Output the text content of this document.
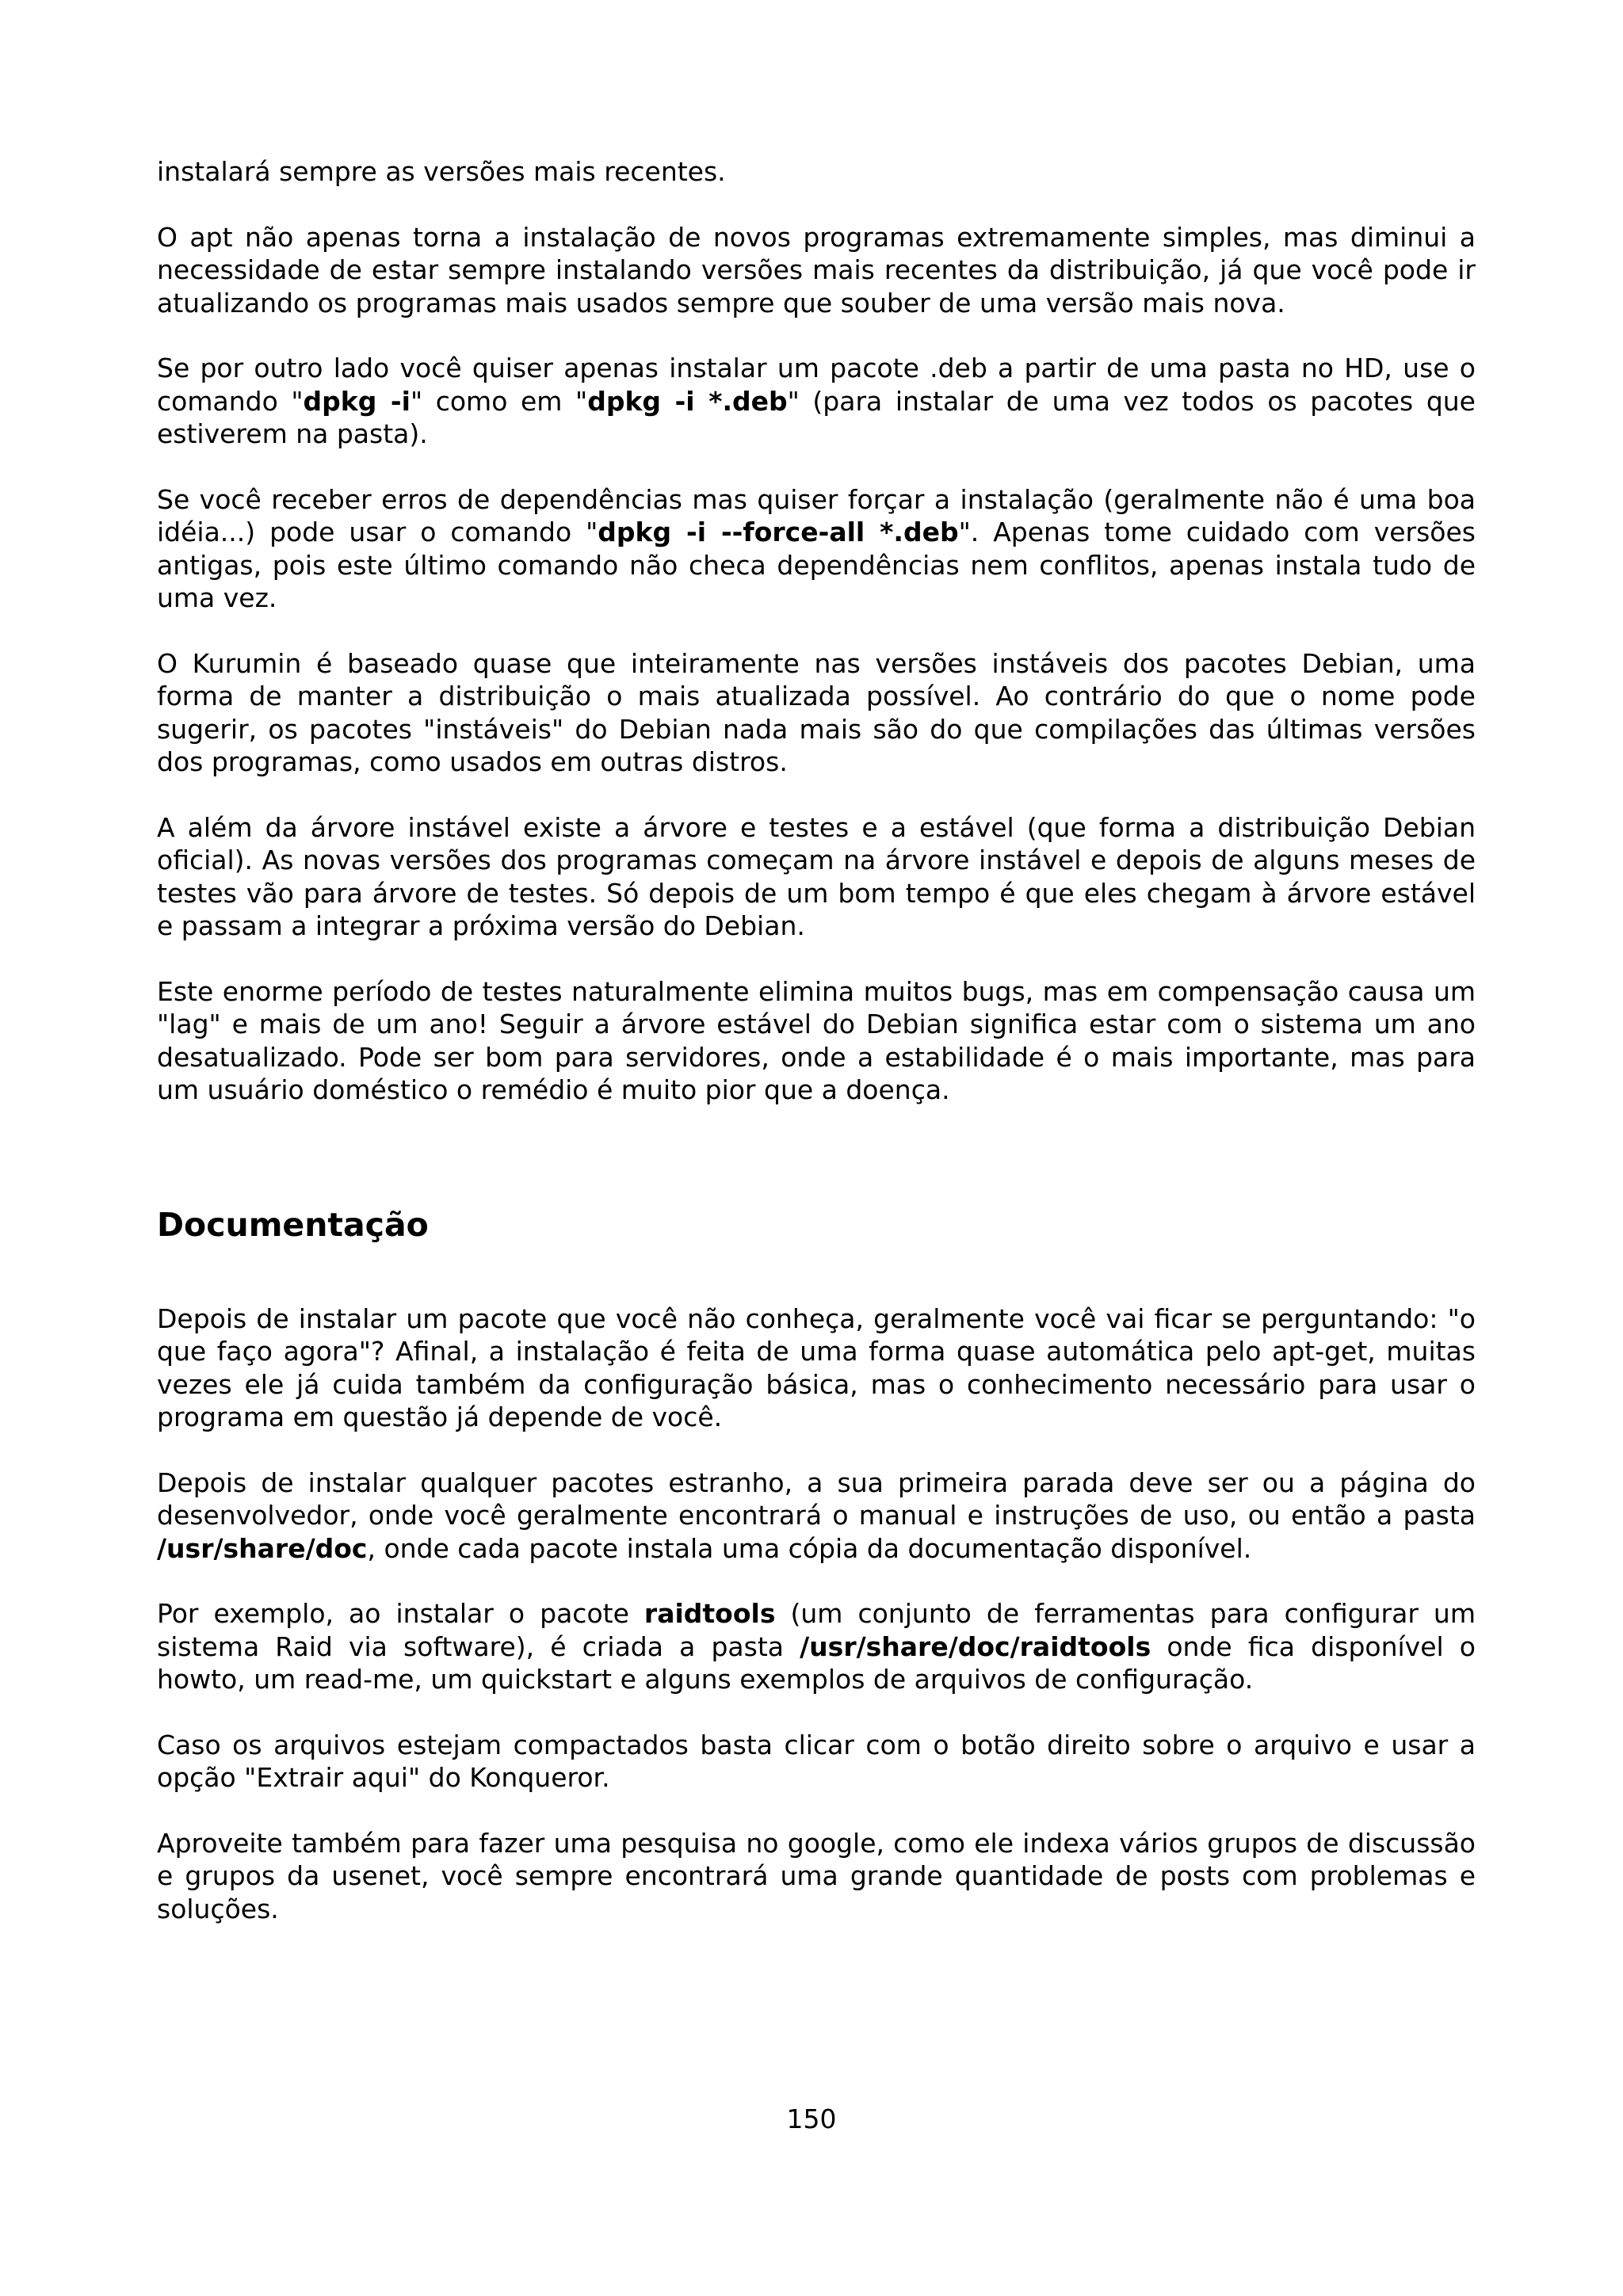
instalará sempre as versões mais recentes.

O apt não apenas torna a instalação de novos programas extremamente simples, mas diminui a necessidade de estar sempre instalando versões mais recentes da distribuição, já que você pode ir atualizando os programas mais usados sempre que souber de uma versão mais nova.

Se por outro lado você quiser apenas instalar um pacote .deb a partir de uma pasta no HD, use o comando "dpkg -i" como em "dpkg -i *.deb" (para instalar de uma vez todos os pacotes que estiverem na pasta).

Se você receber erros de dependências mas quiser forçar a instalação (geralmente não é uma boa idéia...) pode usar o comando "dpkg -i --force-all *.deb". Apenas tome cuidado com versões antigas, pois este último comando não checa dependências nem conflitos, apenas instala tudo de uma vez.

O Kurumin é baseado quase que inteiramente nas versões instáveis dos pacotes Debian, uma forma de manter a distribuição o mais atualizada possível. Ao contrário do que o nome pode sugerir, os pacotes "instáveis" do Debian nada mais são do que compilações das últimas versões dos programas, como usados em outras distros.

A além da árvore instável existe a árvore e testes e a estável (que forma a distribuição Debian oficial). As novas versões dos programas começam na árvore instável e depois de alguns meses de testes vão para árvore de testes. Só depois de um bom tempo é que eles chegam à árvore estável e passam a integrar a próxima versão do Debian.

Este enorme período de testes naturalmente elimina muitos bugs, mas em compensação causa um "lag" e mais de um ano! Seguir a árvore estável do Debian significa estar com o sistema um ano desatualizado. Pode ser bom para servidores, onde a estabilidade é o mais importante, mas para um usuário doméstico o remédio é muito pior que a doença.

Documentação

Depois de instalar um pacote que você não conheça, geralmente você vai ficar se perguntando: "o que faço agora"? Afinal, a instalação é feita de uma forma quase automática pelo apt-get, muitas vezes ele já cuida também da configuração básica, mas o conhecimento necessário para usar o programa em questão já depende de você.

Depois de instalar qualquer pacotes estranho, a sua primeira parada deve ser ou a página do desenvolvedor, onde você geralmente encontrará o manual e instruções de uso, ou então a pasta /usr/share/doc, onde cada pacote instala uma cópia da documentação disponível.

Por exemplo, ao instalar o pacote raidtools (um conjunto de ferramentas para configurar um sistema Raid via software), é criada a pasta /usr/share/doc/raidtools onde fica disponível o howto, um read-me, um quickstart e alguns exemplos de arquivos de configuração.

Caso os arquivos estejam compactados basta clicar com o botão direito sobre o arquivo e usar a opção "Extrair aqui" do Konqueror.

Aproveite também para fazer uma pesquisa no google, como ele indexa vários grupos de discussão e grupos da usenet, você sempre encontrará uma grande quantidade de posts com problemas e soluções.

150
